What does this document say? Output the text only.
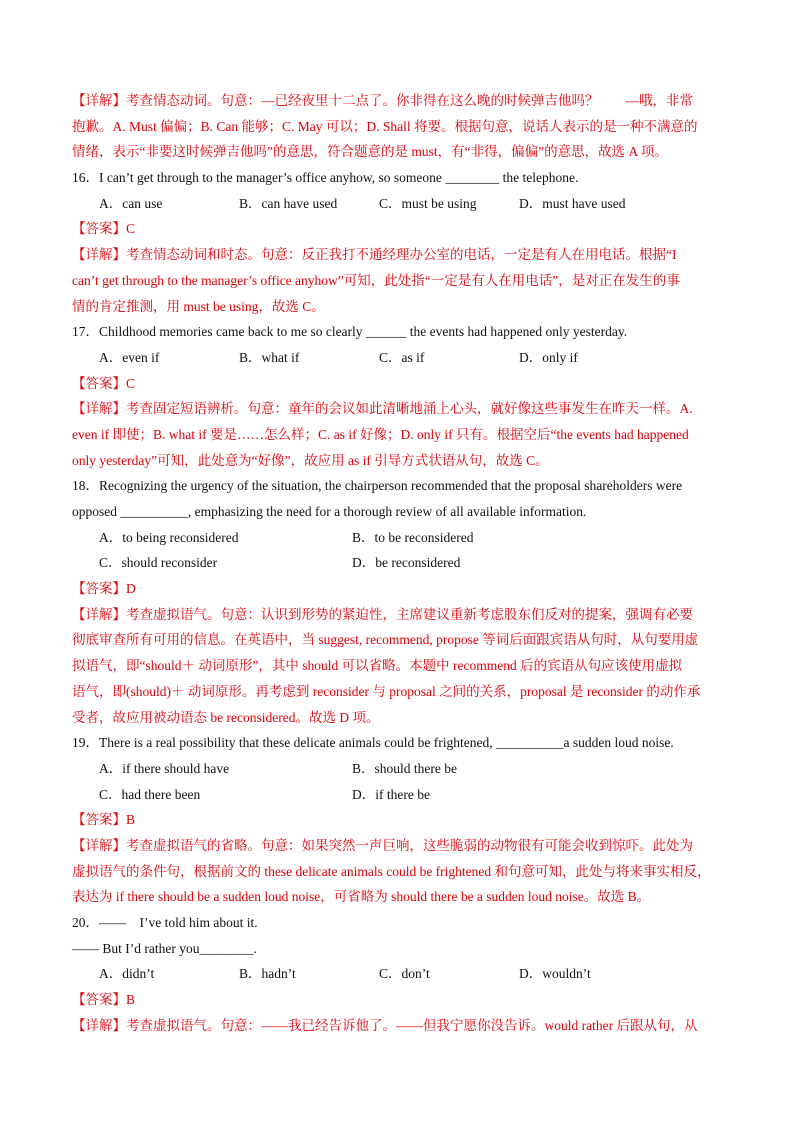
【详解】考查情态动词。句意：—已经夜里十二点了。你非得在这么晚的时候弹吉他吗？　　—哦，非常
抱歉。A. Must 偏偏；B. Can 能够；C. May 可以；D. Shall 将要。根据句意，说话人表示的是一种不满意的
情绪，表示“非要这时候弹吉他吗”的意思，符合题意的是 must，有“非得，偏偏”的意思，故选 A 项。
16．I can’t get through to the manager’s office anyhow, so someone ________ the telephone.
A．can use	B．can have used	C．must be using	D．must have used
【答案】C
【详解】考查情态动词和时态。句意：反正我打不通经理办公室的电话，一定是有人在用电话。根据“I
can’t get through to the manager’s office anyhow”可知，此处指“一定是有人在用电话”，是对正在发生的事
情的肯定推测，用 must be using，故选 C。
17．Childhood memories came back to me so clearly ______ the events had happened only yesterday.
A．even if	B．what if	C．as if	D．only if
【答案】C
【详解】考查固定短语辨析。句意：童年的会议如此清晰地涌上心头，就好像这些事发生在昨天一样。A.
even if 即使；B. what if 要是……怎么样；C. as if 好像；D. only if 只有。根据空后“the events had happened
only yesterday”可知，此处意为“好像”，故应用 as if 引导方式状语从句，故选 C。
18．Recognizing the urgency of the situation, the chairperson recommended that the proposal shareholders were
opposed __________, emphasizing the need for a thorough review of all available information.
A．to being reconsidered	B．to be reconsidered
C．should reconsider	D．be reconsidered
【答案】D
【详解】考查虚拟语气。句意：认识到形势的紧迫性，主席建议重新考虑股东们反对的提案，强调有必要
彻底审查所有可用的信息。在英语中，当 suggest, recommend, propose 等词后面跟宾语从句时，从句要用虚
拟语气，即“should＋ 动词原形”，其中 should 可以省略。本题中 recommend 后的宾语从句应该使用虚拟
语气，即(should)＋ 动词原形。再考虑到 reconsider 与 proposal 之间的关系，proposal 是 reconsider 的动作承
受者，故应用被动语态 be reconsidered。故选 D 项。
19．There is a real possibility that these delicate animals could be frightened, __________a sudden loud noise.
A．if there should have	B．should there be
C．had there been	D．if there be
【答案】B
【详解】考查虚拟语气的省略。句意：如果突然一声巨响，这些脆弱的动物很有可能会收到惊吓。此处为
虚拟语气的条件句，根据前文的 these delicate animals could be frightened 和句意可知，此处与将来事实相反，
表达为 if there should be a sudden loud noise，可省略为 should there be a sudden loud noise。故选 B。
20．——　I’ve told him about it.
—— But I’d rather you________.
A．didn’t	B．hadn’t	C．don’t	D．wouldn’t
【答案】B
【详解】考查虚拟语气。句意：——我已经告诉他了。——但我宁愿你没告诉。would rather 后跟从句，从
